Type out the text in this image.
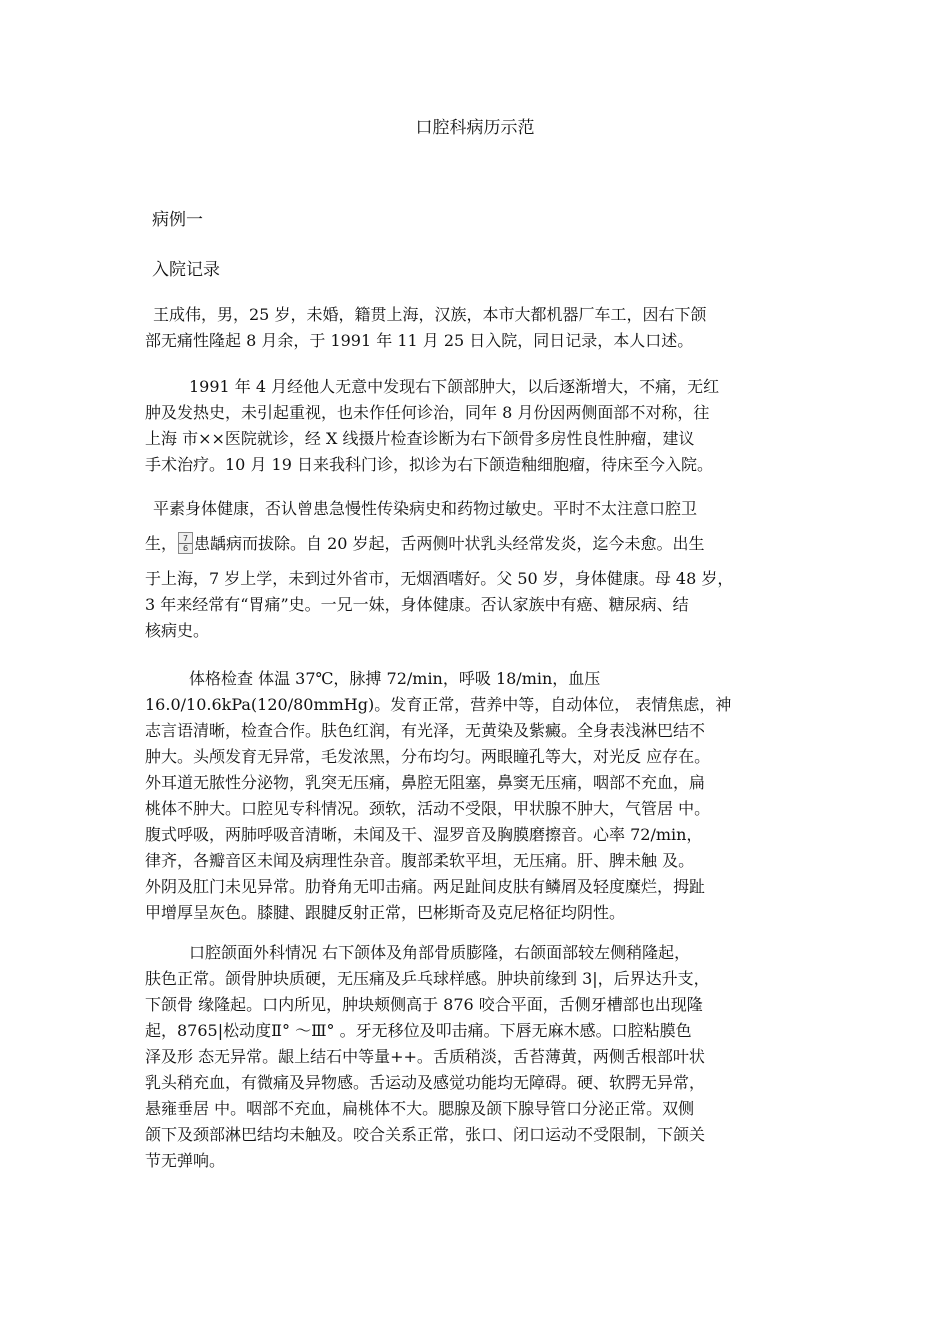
口腔科病历示范
病例一
入院记录
王成伟，男，25 岁，未婚，籍贯上海，汉族，本市大都机器厂车工，因右下颌
部无痛性隆起 8 月余，于 1991 年 11 月 25 日入院，同日记录，本人口述。
1991 年 4 月经他人无意中发现右下颌部肿大，以后逐渐增大，不痛，无红
肿及发热史，未引起重视，也未作任何诊治，同年 8 月份因两侧面部不对称，往
上海 市××医院就诊，经 X 线摄片检查诊断为右下颌骨多房性良性肿瘤，建议
手术治疗。10 月 19 日来我科门诊，拟诊为右下颌造釉细胞瘤，待床至今入院。
平素身体健康，否认曾患急慢性传染病史和药物过敏史。平时不太注意口腔卫
生， $\frac{7}{6}$ 患龋病而拔除。自 20 岁起，舌两侧叶状乳头经常发炎，迄今未愈。出生
于上海，7 岁上学，未到过外省市，无烟酒嗜好。父 50 岁，身体健康。母 48 岁，
3 年来经常有“胃痛”史。一兄一妹，身体健康。否认家族中有癌、糖尿病、结
核病史。
体格检查 体温 37℃，脉搏 72/min，呼吸 18/min，血压
16.0/10.6kPa(120/80mmHg)。发育正常，营养中等，自动体位， 表情焦虑，神
志言语清晰，检查合作。肤色红润，有光泽，无黄染及紫癜。全身表浅淋巴结不
肿大。头颅发育无异常，毛发浓黑，分布均匀。两眼瞳孔等大，对光反 应存在。
外耳道无脓性分泌物，乳突无压痛，鼻腔无阻塞，鼻窦无压痛，咽部不充血，扁
桃体不肿大。口腔见专科情况。颈软，活动不受限，甲状腺不肿大，气管居 中。
腹式呼吸，两肺呼吸音清晰，未闻及干、湿罗音及胸膜磨擦音。心率 72/min，
律齐，各瓣音区未闻及病理性杂音。腹部柔软平坦，无压痛。肝、脾未触 及。
外阴及肛门未见异常。肋脊角无叩击痛。两足趾间皮肤有鳞屑及轻度糜烂，拇趾
甲增厚呈灰色。膝腱、跟腱反射正常，巴彬斯奇及克尼格征均阴性。
口腔颌面外科情况 右下颌体及角部骨质膨隆，右颌面部较左侧稍隆起，
肤色正常。颌骨肿块质硬，无压痛及乒乓球样感。肿块前缘到 3|，后界达升支，
下颌骨 缘隆起。口内所见，肿块颊侧高于 876 咬合平面，舌侧牙槽部也出现隆
起，8765|松动度Ⅱ° ～Ⅲ° 。牙无移位及叩击痛。下唇无麻木感。口腔粘膜色
泽及形 态无异常。龈上结石中等量++。舌质稍淡，舌苔薄黄，两侧舌根部叶状
乳头稍充血，有微痛及异物感。舌运动及感觉功能均无障碍。硬、软腭无异常，
悬雍垂居 中。咽部不充血，扁桃体不大。腮腺及颌下腺导管口分泌正常。双侧
颌下及颈部淋巴结均未触及。咬合关系正常，张口、闭口运动不受限制，下颌关
节无弹响。
